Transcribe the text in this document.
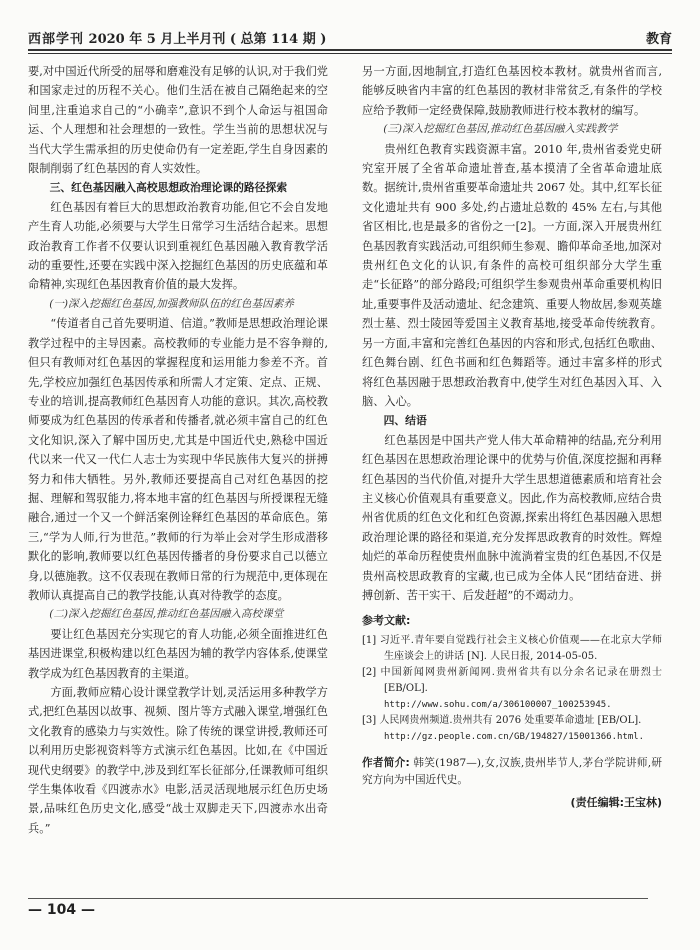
西部学刊 2020 年 5 月上半月刊 ( 总第 114 期 )	教育

要,对中国近代所受的屈辱和磨难没有足够的认识,对于我们党和国家走过的历程不关心。他们生活在被自己隔绝起来的空间里,注重追求自己的“小确幸”,意识不到个人命运与祖国命运、个人理想和社会理想的一致性。学生当前的思想状况与当代大学生需承担的历史使命仍有一定差距,学生自身因素的限制削弱了红色基因的育人实效性。

三、红色基因融入高校思想政治理论课的路径探索

红色基因有着巨大的思想政治教育功能,但它不会自发地产生育人功能,必须要与大学生日常学习生活结合起来。思想政治教育工作者不仅要认识到重视红色基因融入教育教学活动的重要性,还要在实践中深入挖掘红色基因的历史底蕴和革命精神,实现红色基因教育价值的最大发挥。

(一)深入挖掘红色基因,加强教师队伍的红色基因素养

“传道者自己首先要明道、信道。”教师是思想政治理论课教学过程中的主导因素。高校教师的专业能力是不容争辩的,但只有教师对红色基因的掌握程度和运用能力参差不齐。首先,学校应加强红色基因传承和所需人才定策、定点、正规、专业的培训,提高教师红色基因育人功能的意识。其次,高校教师要成为红色基因的传承者和传播者,就必须丰富自己的红色文化知识,深入了解中国历史,尤其是中国近代史,熟稔中国近代以来一代又一代仁人志士为实现中华民族伟大复兴的拼搏努力和伟大牺牲。另外,教师还要提高自己对红色基因的挖掘、理解和驾驭能力,将本地丰富的红色基因与所授课程无缝融合,通过一个又一个鲜活案例诠释红色基因的革命底色。第三,“学为人师,行为世范。”教师的行为举止会对学生形成潜移默化的影响,教师要以红色基因传播者的身份要求自己以德立身,以德施教。这不仅表现在教师日常的行为规范中,更体现在教师认真提高自己的教学技能,认真对待教学的态度。

(二)深入挖掘红色基因,推动红色基因融入高校课堂

要让红色基因充分实现它的育人功能,必须全面推进红色基因进课堂,积极构建以红色基因为辅的教学内容体系,使课堂教学成为红色基因教育的主渠道。

方面,教师应精心设计课堂教学计划,灵活运用多种教学方式,把红色基因以故事、视频、图片等方式融入课堂,增强红色文化教育的感染力与实效性。除了传统的课堂讲授,教师还可以利用历史影视资料等方式演示红色基因。比如,在《中国近现代史纲要》的教学中,涉及到红军长征部分,任课教师可组织学生集体收看《四渡赤水》电影,活灵活现地展示红色历史场景,品味红色历史文化,感受“战士双脚走天下,四渡赤水出奇兵。”

另一方面,因地制宜,打造红色基因校本教材。就贵州省而言,能够反映省内丰富的红色基因的教材非常贫乏,有条件的学校应给予教师一定经费保障,鼓励教师进行校本教材的编写。

(三)深入挖掘红色基因,推动红色基因融入实践教学

贵州红色教育实践资源丰富。2010 年,贵州省委党史研究室开展了全省革命遗址普查,基本摸清了全省革命遗址底数。据统计,贵州省重要革命遗址共 2067 处。其中,红军长征文化遗址共有 900 多处,约占遗址总数的 45% 左右,与其他省区相比,也是最多的省份之一[2]。一方面,深入开展贵州红色基因教育实践活动,可组织师生参观、瞻仰革命圣地,加深对贵州红色文化的认识,有条件的高校可组织部分大学生重走“长征路”的部分路段;可组织学生参观贵州革命重要机构旧址,重要事件及活动遗址、纪念建筑、重要人物故居,参观英雄烈士墓、烈士陵园等爱国主义教育基地,接受革命传统教育。另一方面,丰富和完善红色基因的内容和形式,包括红色歌曲、红色舞台剧、红色书画和红色舞蹈等。通过丰富多样的形式将红色基因融于思想政治教育中,使学生对红色基因入耳、入脑、入心。

四、结语

红色基因是中国共产党人伟大革命精神的结晶,充分利用红色基因在思想政治理论课中的优势与价值,深度挖掘和再释红色基因的当代价值,对提升大学生思想道德素质和培育社会主义核心价值观具有重要意义。因此,作为高校教师,应结合贵州省优质的红色文化和红色资源,探索出将红色基因融入思想政治理论课的路径和渠道,充分发挥思政教育的时效性。辉煌灿烂的革命历程使贵州血脉中流淌着宝贵的红色基因,不仅是贵州高校思政教育的宝藏,也已成为全体人民“团结奋进、拼搏创新、苦干实干、后发赶超”的不竭动力。

参考文献:

[1] 习近平.青年要自觉践行社会主义核心价值观——在北京大学师生座谈会上的讲话 [N]. 人民日报, 2014-05-05.

[2] 中国新闻网贵州新闻网.贵州省共有以分余名记录在册烈士 [EB/OL].
http://www.sohu.com/a/306100007_100253945.

[3] 人民网贵州频道.贵州共有 2076 处重要革命遗址 [EB/OL].
http://gz.people.com.cn/GB/194827/15001366.html.

作者简介: 韩笑(1987—),女,汉族,贵州毕节人,茅台学院讲师,研究方向为中国近代史。
(责任编辑:王宝林)
— 104 —
